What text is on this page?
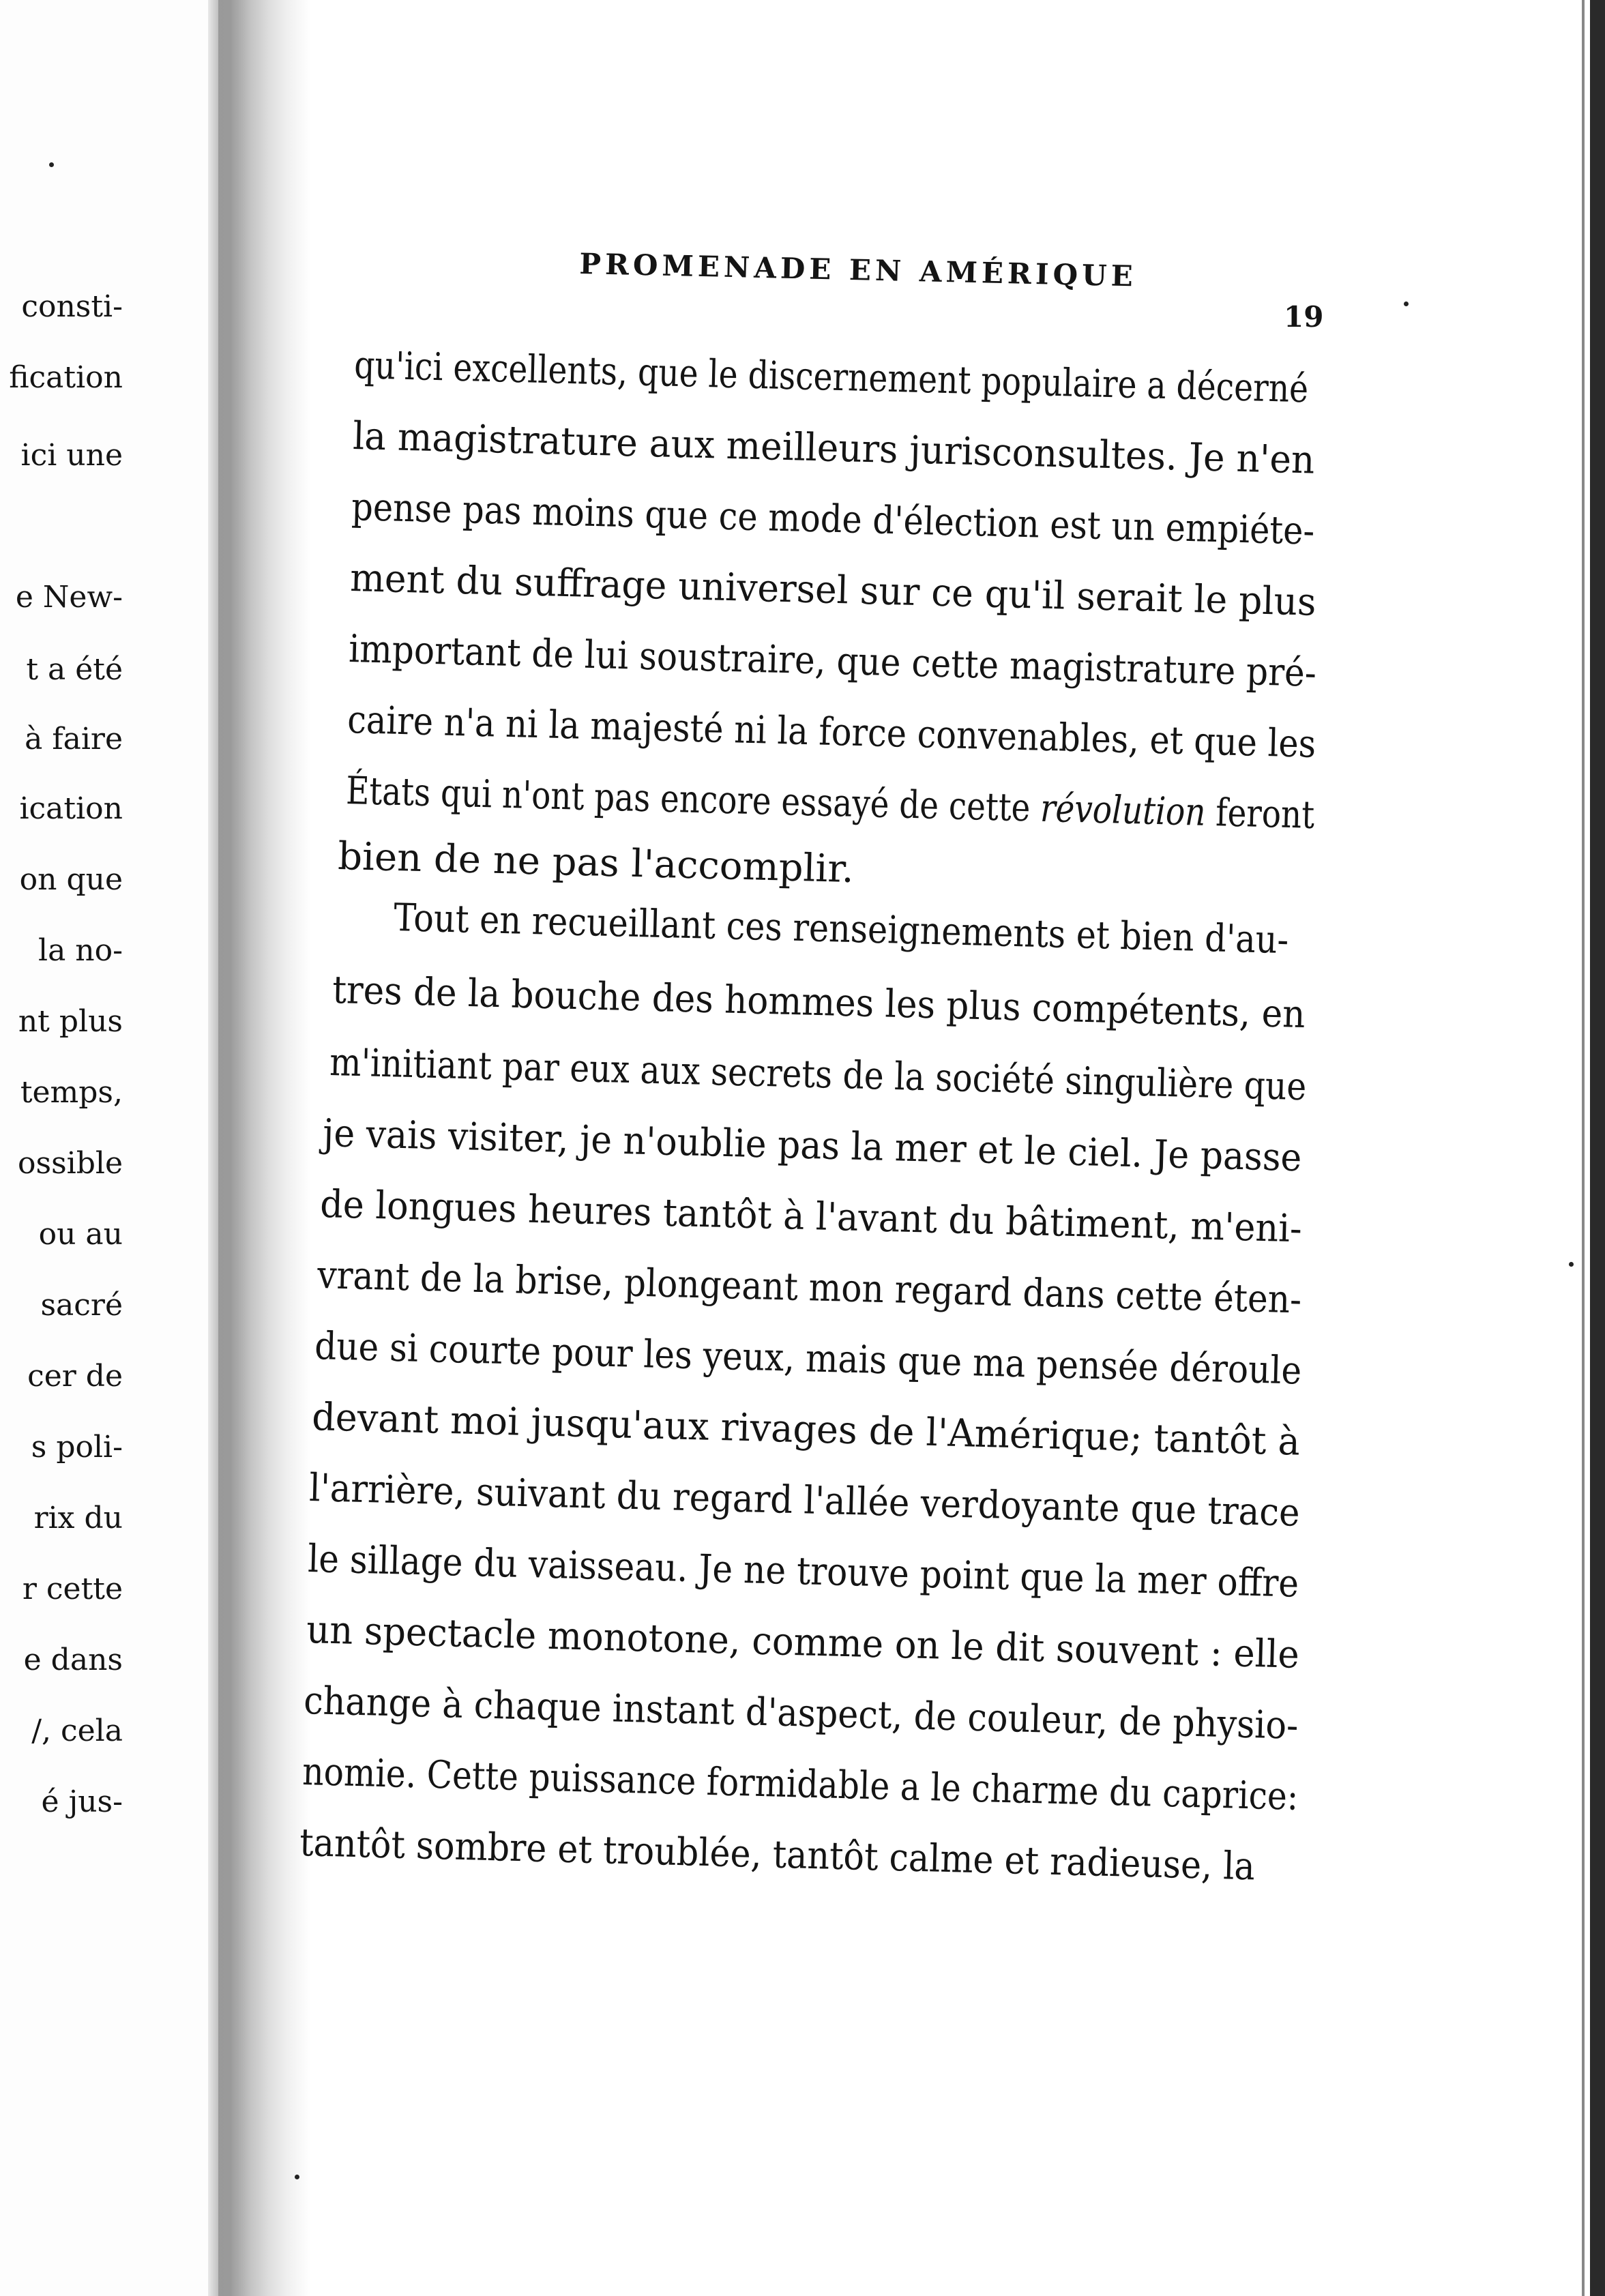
consti-
fication
ici une
e New-
t a été
à faire
ication
on que
la no-
nt plus
temps,
ossible
ou au
sacré
cer de
s poli-
rix du
r cette
e dans
/, cela
é jus-
PROMENADE EN AMÉRIQUE
19
qu'ici excellents, que le discernement populaire a décerné
la magistrature aux meilleurs jurisconsultes. Je n'en
pense pas moins que ce mode d'élection est un empiéte-
ment du suffrage universel sur ce qu'il serait le plus
important de lui soustraire, que cette magistrature pré-
caire n'a ni la majesté ni la force convenables, et que les
États qui n'ont pas encore essayé de cette révolution feront
bien de ne pas l'accomplir.
Tout en recueillant ces renseignements et bien d'au-
tres de la bouche des hommes les plus compétents, en
m'initiant par eux aux secrets de la société singulière que
je vais visiter, je n'oublie pas la mer et le ciel. Je passe
de longues heures tantôt à l'avant du bâtiment, m'eni-
vrant de la brise, plongeant mon regard dans cette éten-
due si courte pour les yeux, mais que ma pensée déroule
devant moi jusqu'aux rivages de l'Amérique; tantôt à
l'arrière, suivant du regard l'allée verdoyante que trace
le sillage du vaisseau. Je ne trouve point que la mer offre
un spectacle monotone, comme on le dit souvent : elle
change à chaque instant d'aspect, de couleur, de physio-
nomie. Cette puissance formidable a le charme du caprice:
tantôt sombre et troublée, tantôt calme et radieuse, la
